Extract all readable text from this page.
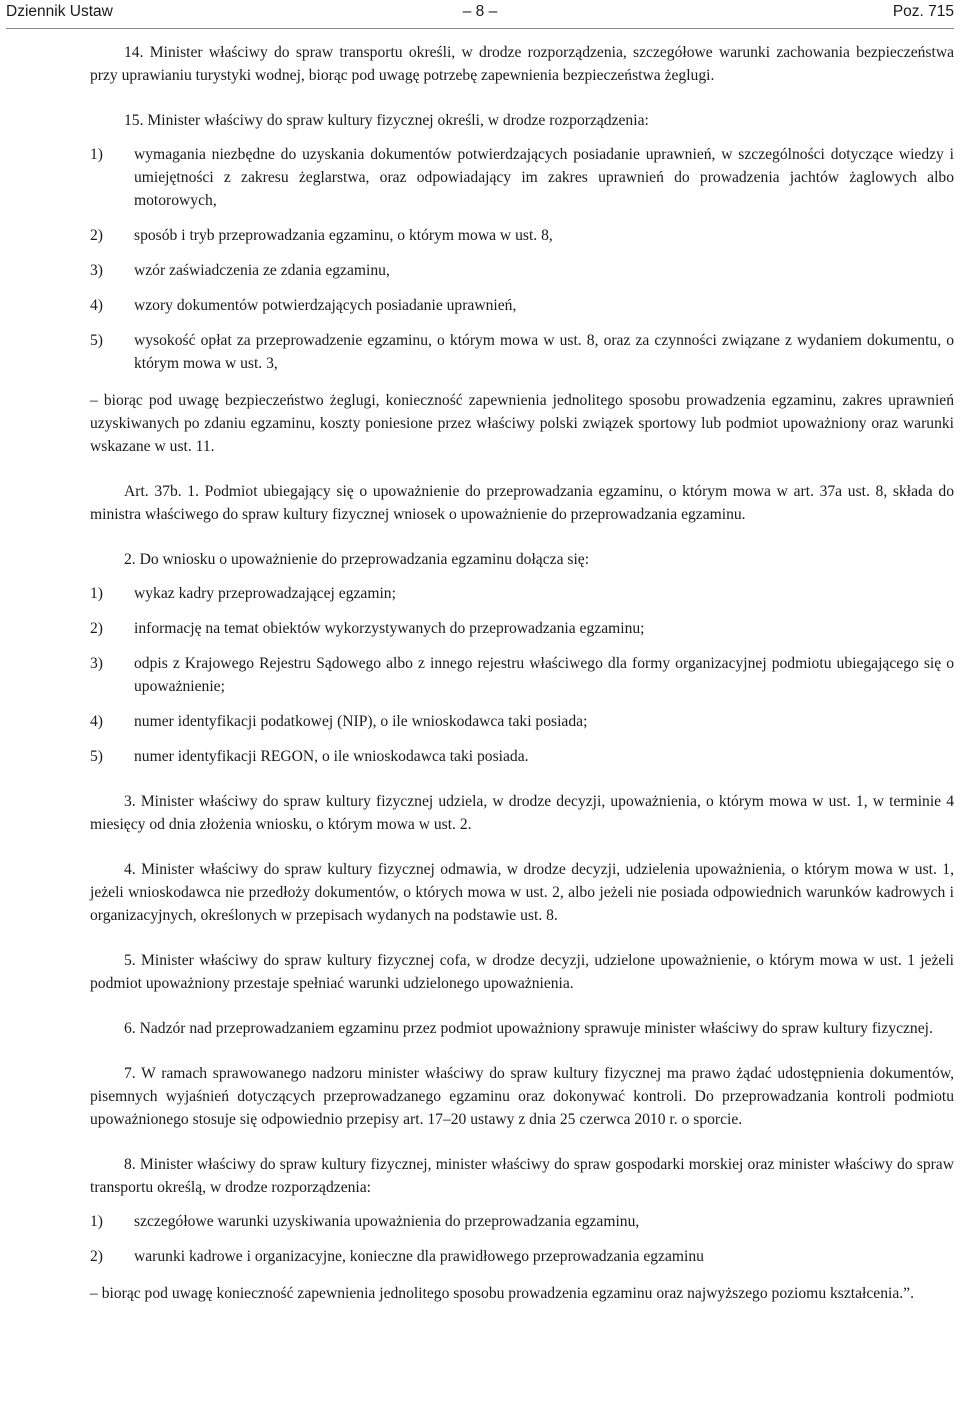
Dziennik Ustaw	– 8 –	Poz. 715

14. Minister właściwy do spraw transportu określi, w drodze rozporządzenia, szczegółowe warunki zachowania bezpieczeństwa przy uprawianiu turystyki wodnej, biorąc pod uwagę potrzebę zapewnienia bezpieczeństwa żeglugi.

15. Minister właściwy do spraw kultury fizycznej określi, w drodze rozporządzenia:

1) wymagania niezbędne do uzyskania dokumentów potwierdzających posiadanie uprawnień, w szczególności dotyczące wiedzy i umiejętności z zakresu żeglarstwa, oraz odpowiadający im zakres uprawnień do prowadzenia jachtów żaglowych albo motorowych,
2) sposób i tryb przeprowadzania egzaminu, o którym mowa w ust. 8,
3) wzór zaświadczenia ze zdania egzaminu,
4) wzory dokumentów potwierdzających posiadanie uprawnień,
5) wysokość opłat za przeprowadzenie egzaminu, o którym mowa w ust. 8, oraz za czynności związane z wydaniem dokumentu, o którym mowa w ust. 3,

– biorąc pod uwagę bezpieczeństwo żeglugi, konieczność zapewnienia jednolitego sposobu prowadzenia egzaminu, zakres uprawnień uzyskiwanych po zdaniu egzaminu, koszty poniesione przez właściwy polski związek sportowy lub podmiot upoważniony oraz warunki wskazane w ust. 11.

Art. 37b. 1. Podmiot ubiegający się o upoważnienie do przeprowadzania egzaminu, o którym mowa w art. 37a ust. 8, składa do ministra właściwego do spraw kultury fizycznej wniosek o upoważnienie do przeprowadzania egzaminu.

2. Do wniosku o upoważnienie do przeprowadzania egzaminu dołącza się:

1) wykaz kadry przeprowadzającej egzamin;
2) informację na temat obiektów wykorzystywanych do przeprowadzania egzaminu;
3) odpis z Krajowego Rejestru Sądowego albo z innego rejestru właściwego dla formy organizacyjnej podmiotu ubiegającego się o upoważnienie;
4) numer identyfikacji podatkowej (NIP), o ile wnioskodawca taki posiada;
5) numer identyfikacji REGON, o ile wnioskodawca taki posiada.

3. Minister właściwy do spraw kultury fizycznej udziela, w drodze decyzji, upoważnienia, o którym mowa w ust. 1, w terminie 4 miesięcy od dnia złożenia wniosku, o którym mowa w ust. 2.

4. Minister właściwy do spraw kultury fizycznej odmawia, w drodze decyzji, udzielenia upoważnienia, o którym mowa w ust. 1, jeżeli wnioskodawca nie przedłoży dokumentów, o których mowa w ust. 2, albo jeżeli nie posiada odpowiednich warunków kadrowych i organizacyjnych, określonych w przepisach wydanych na podstawie ust. 8.

5. Minister właściwy do spraw kultury fizycznej cofa, w drodze decyzji, udzielone upoważnienie, o którym mowa w ust. 1 jeżeli podmiot upoważniony przestaje spełniać warunki udzielonego upoważnienia.

6. Nadzór nad przeprowadzaniem egzaminu przez podmiot upoważniony sprawuje minister właściwy do spraw kultury fizycznej.

7. W ramach sprawowanego nadzoru minister właściwy do spraw kultury fizycznej ma prawo żądać udostępnienia dokumentów, pisemnych wyjaśnień dotyczących przeprowadzanego egzaminu oraz dokonywać kontroli. Do przeprowadzania kontroli podmiotu upoważnionego stosuje się odpowiednio przepisy art. 17–20 ustawy z dnia 25 czerwca 2010 r. o sporcie.

8. Minister właściwy do spraw kultury fizycznej, minister właściwy do spraw gospodarki morskiej oraz minister właściwy do spraw transportu określą, w drodze rozporządzenia:

1) szczegółowe warunki uzyskiwania upoważnienia do przeprowadzania egzaminu,
2) warunki kadrowe i organizacyjne, konieczne dla prawidłowego przeprowadzania egzaminu

– biorąc pod uwagę konieczność zapewnienia jednolitego sposobu prowadzenia egzaminu oraz najwyższego poziomu kształcenia.”.
